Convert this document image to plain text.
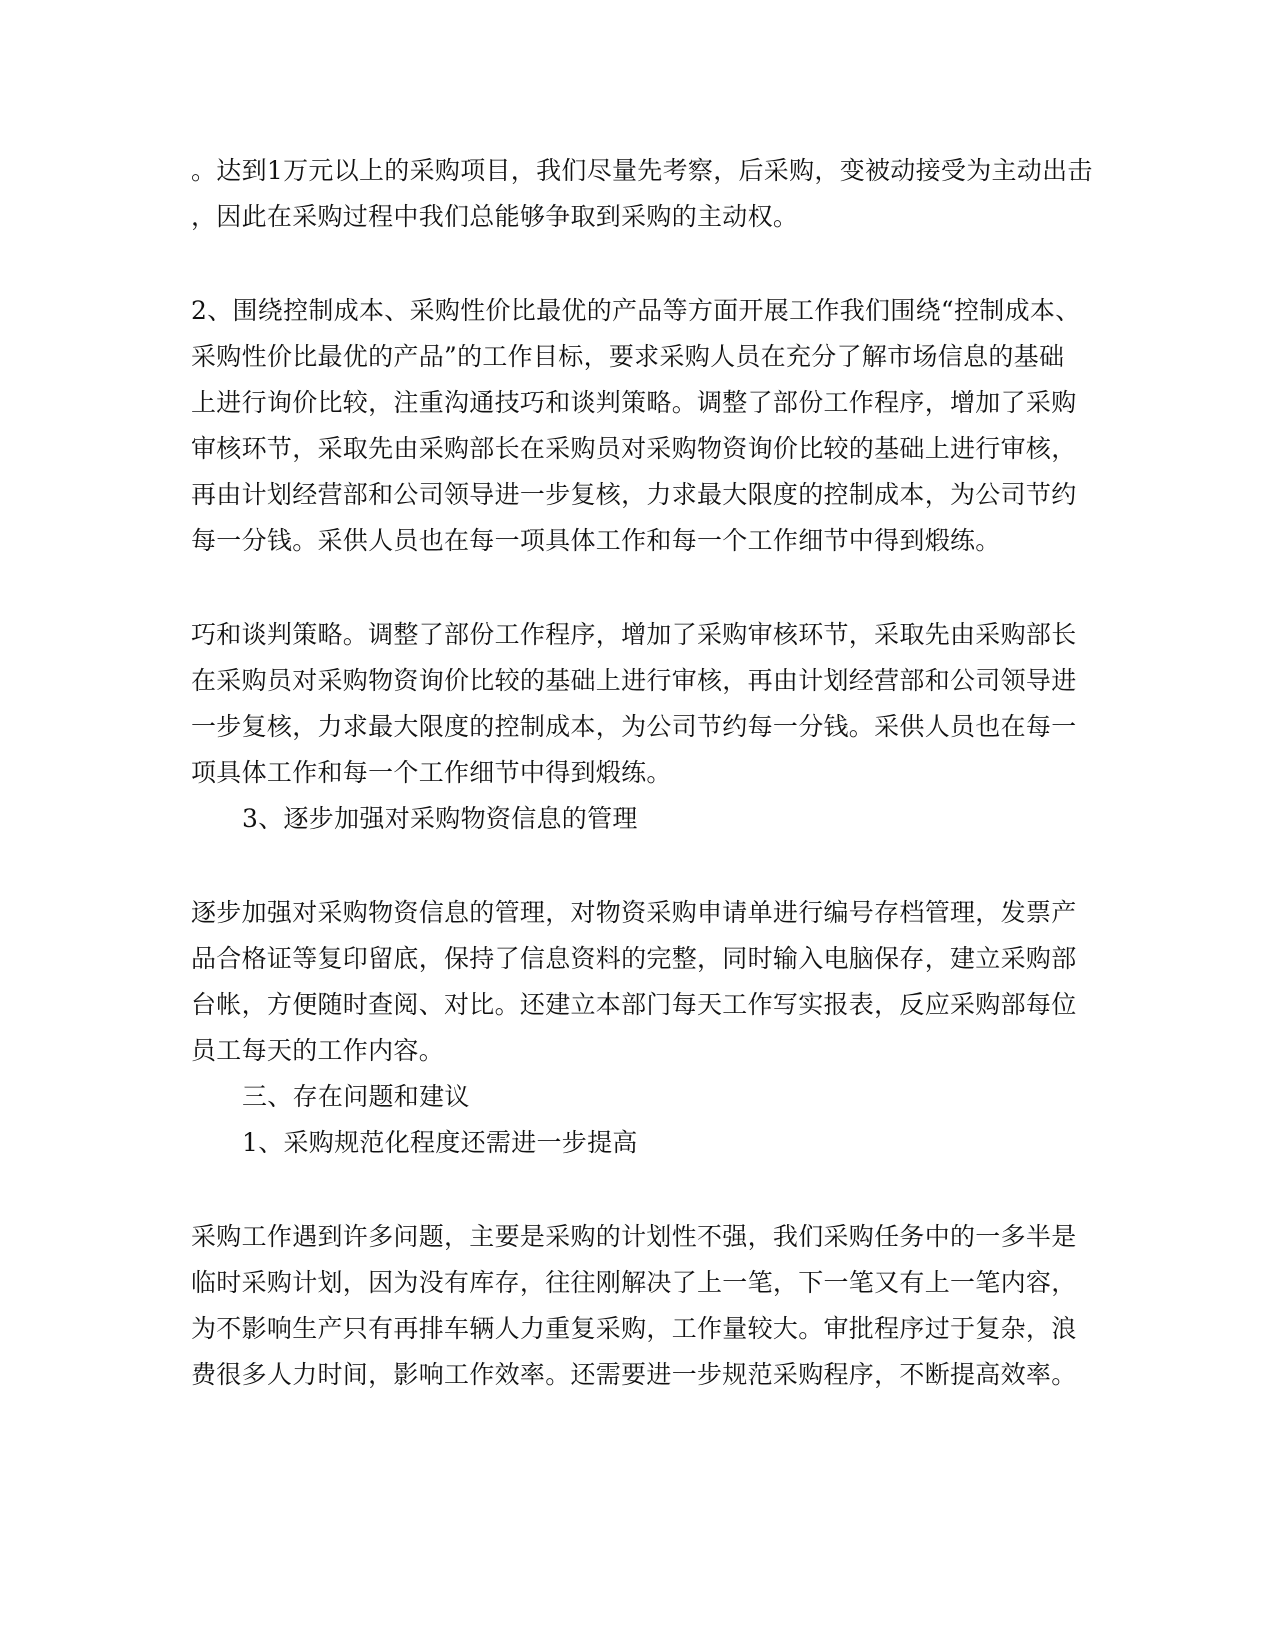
。达到1万元以上的采购项目，我们尽量先考察，后采购，变被动接受为主动出击
，因此在采购过程中我们总能够争取到采购的主动权。
2、围绕控制成本、采购性价比最优的产品等方面开展工作我们围绕“控制成本、
采购性价比最优的产品”的工作目标，要求采购人员在充分了解市场信息的基础
上进行询价比较，注重沟通技巧和谈判策略。调整了部份工作程序，增加了采购
审核环节，采取先由采购部长在采购员对采购物资询价比较的基础上进行审核，
再由计划经营部和公司领导进一步复核，力求最大限度的控制成本，为公司节约
每一分钱。采供人员也在每一项具体工作和每一个工作细节中得到煅练。
巧和谈判策略。调整了部份工作程序，增加了采购审核环节，采取先由采购部长
在采购员对采购物资询价比较的基础上进行审核，再由计划经营部和公司领导进
一步复核，力求最大限度的控制成本，为公司节约每一分钱。采供人员也在每一
项具体工作和每一个工作细节中得到煅练。
3、逐步加强对采购物资信息的管理
逐步加强对采购物资信息的管理，对物资采购申请单进行编号存档管理，发票产
品合格证等复印留底，保持了信息资料的完整，同时输入电脑保存，建立采购部
台帐，方便随时查阅、对比。还建立本部门每天工作写实报表，反应采购部每位
员工每天的工作内容。
三、存在问题和建议
1、采购规范化程度还需进一步提高
采购工作遇到许多问题，主要是采购的计划性不强，我们采购任务中的一多半是
临时采购计划，因为没有库存，往往刚解决了上一笔，下一笔又有上一笔内容，
为不影响生产只有再排车辆人力重复采购，工作量较大。审批程序过于复杂，浪
费很多人力时间，影响工作效率。还需要进一步规范采购程序，不断提高效率。
